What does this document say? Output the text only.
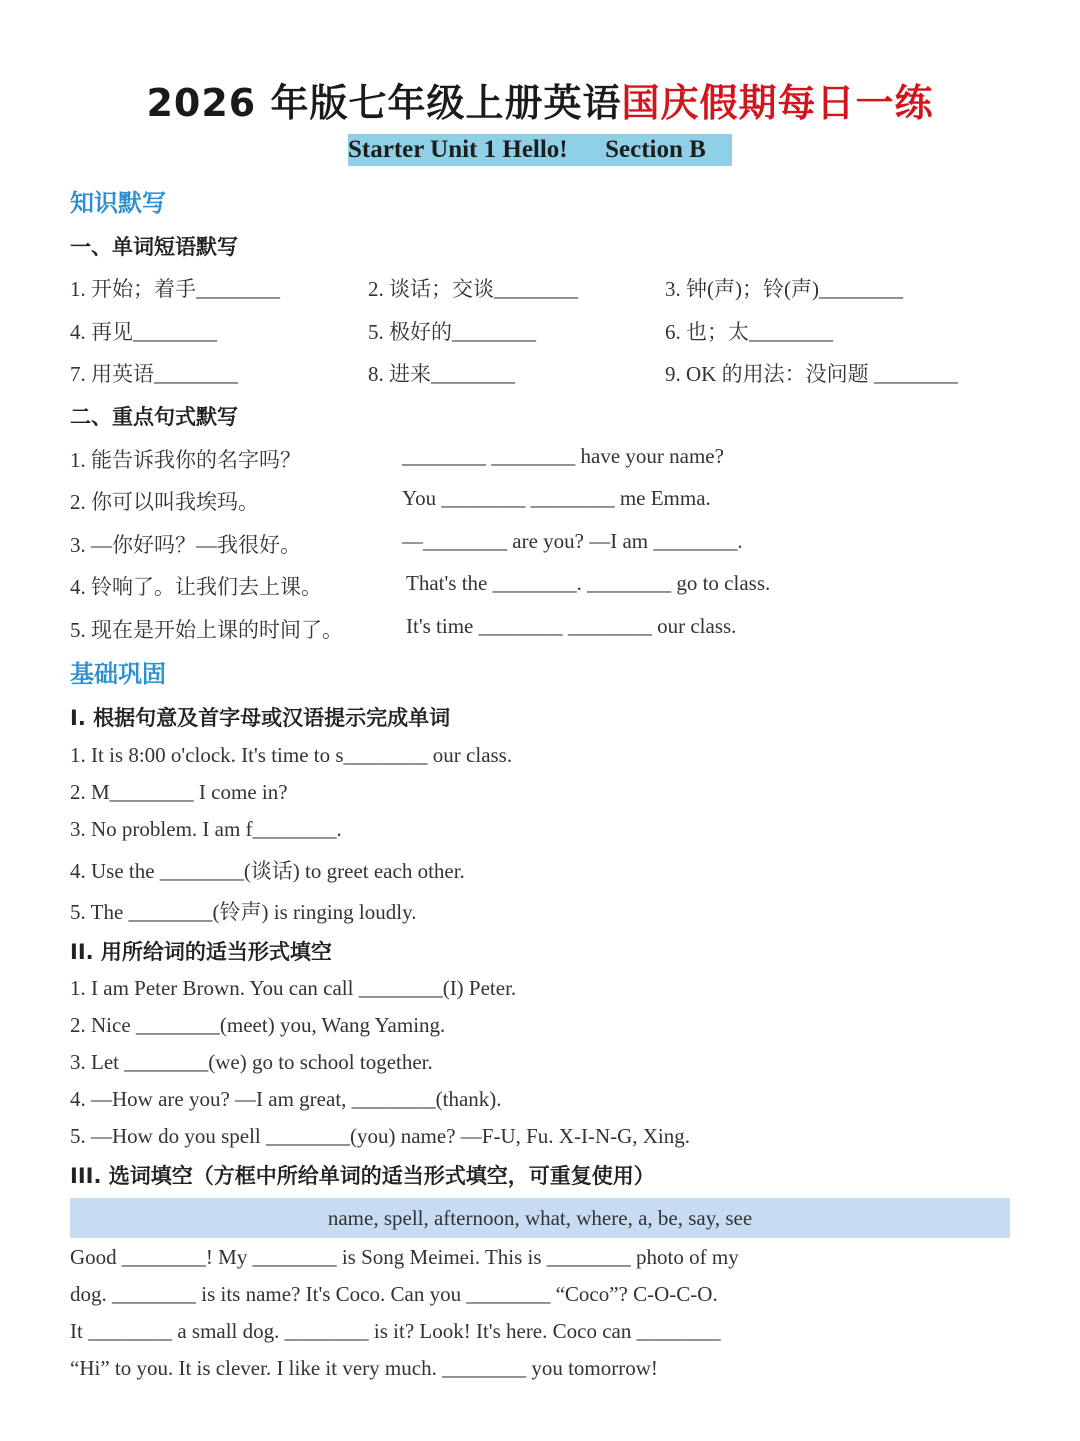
2026 年版七年级上册英语国庆假期每日一练
Starter Unit 1 Hello!      Section B
知识默写
一、单词短语默写
1. 开始；着手________	2. 谈话；交谈________	3. 钟(声)；铃(声)________
4. 再见________	5. 极好的________	6. 也；太________
7. 用英语________	8. 进来________	9. OK 的用法：没问题 ________
二、重点句式默写
1. 能告诉我你的名字吗？	________ ________ have your name?
2. 你可以叫我埃玛。	You ________ ________ me Emma.
3. —你好吗？—我很好。	—________ are you? —I am ________.
4. 铃响了。让我们去上课。	That's the ________. ________ go to class.
5. 现在是开始上课的时间了。	It's time ________ ________ our class.
基础巩固
I. 根据句意及首字母或汉语提示完成单词
1. It is 8:00 o'clock. It's time to s________ our class.
2. M________ I come in?
3. No problem. I am f________.
4. Use the ________(谈话) to greet each other.
5. The ________(铃声) is ringing loudly.
II. 用所给词的适当形式填空
1. I am Peter Brown. You can call ________(I) Peter.
2. Nice ________(meet) you, Wang Yaming.
3. Let ________(we) go to school together.
4. —How are you? —I am great, ________(thank).
5. —How do you spell ________(you) name? —F-U, Fu. X-I-N-G, Xing.
III. 选词填空（方框中所给单词的适当形式填空，可重复使用）
name, spell, afternoon, what, where, a, be, say, see
Good ________! My ________ is Song Meimei. This is ________ photo of my
dog. ________ is its name? It's Coco. Can you ________ “Coco”? C-O-C-O.
It ________ a small dog. ________ is it? Look! It's here. Coco can ________
“Hi” to you. It is clever. I like it very much. ________ you tomorrow!
